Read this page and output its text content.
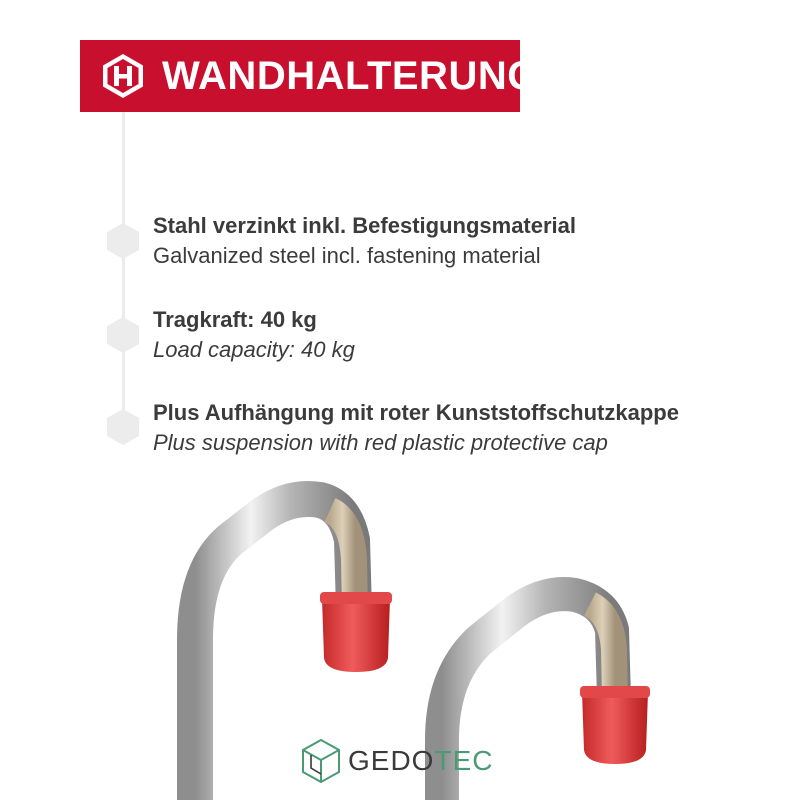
WANDHALTERUNG
Stahl verzinkt inkl. Befestigungsmaterial
Galvanized steel incl. fastening material
Tragkraft: 40 kg
Load capacity: 40 kg
Plus Aufhängung mit roter Kunststoffschutzkappe
Plus suspension with red plastic protective cap
GEDOTEC
